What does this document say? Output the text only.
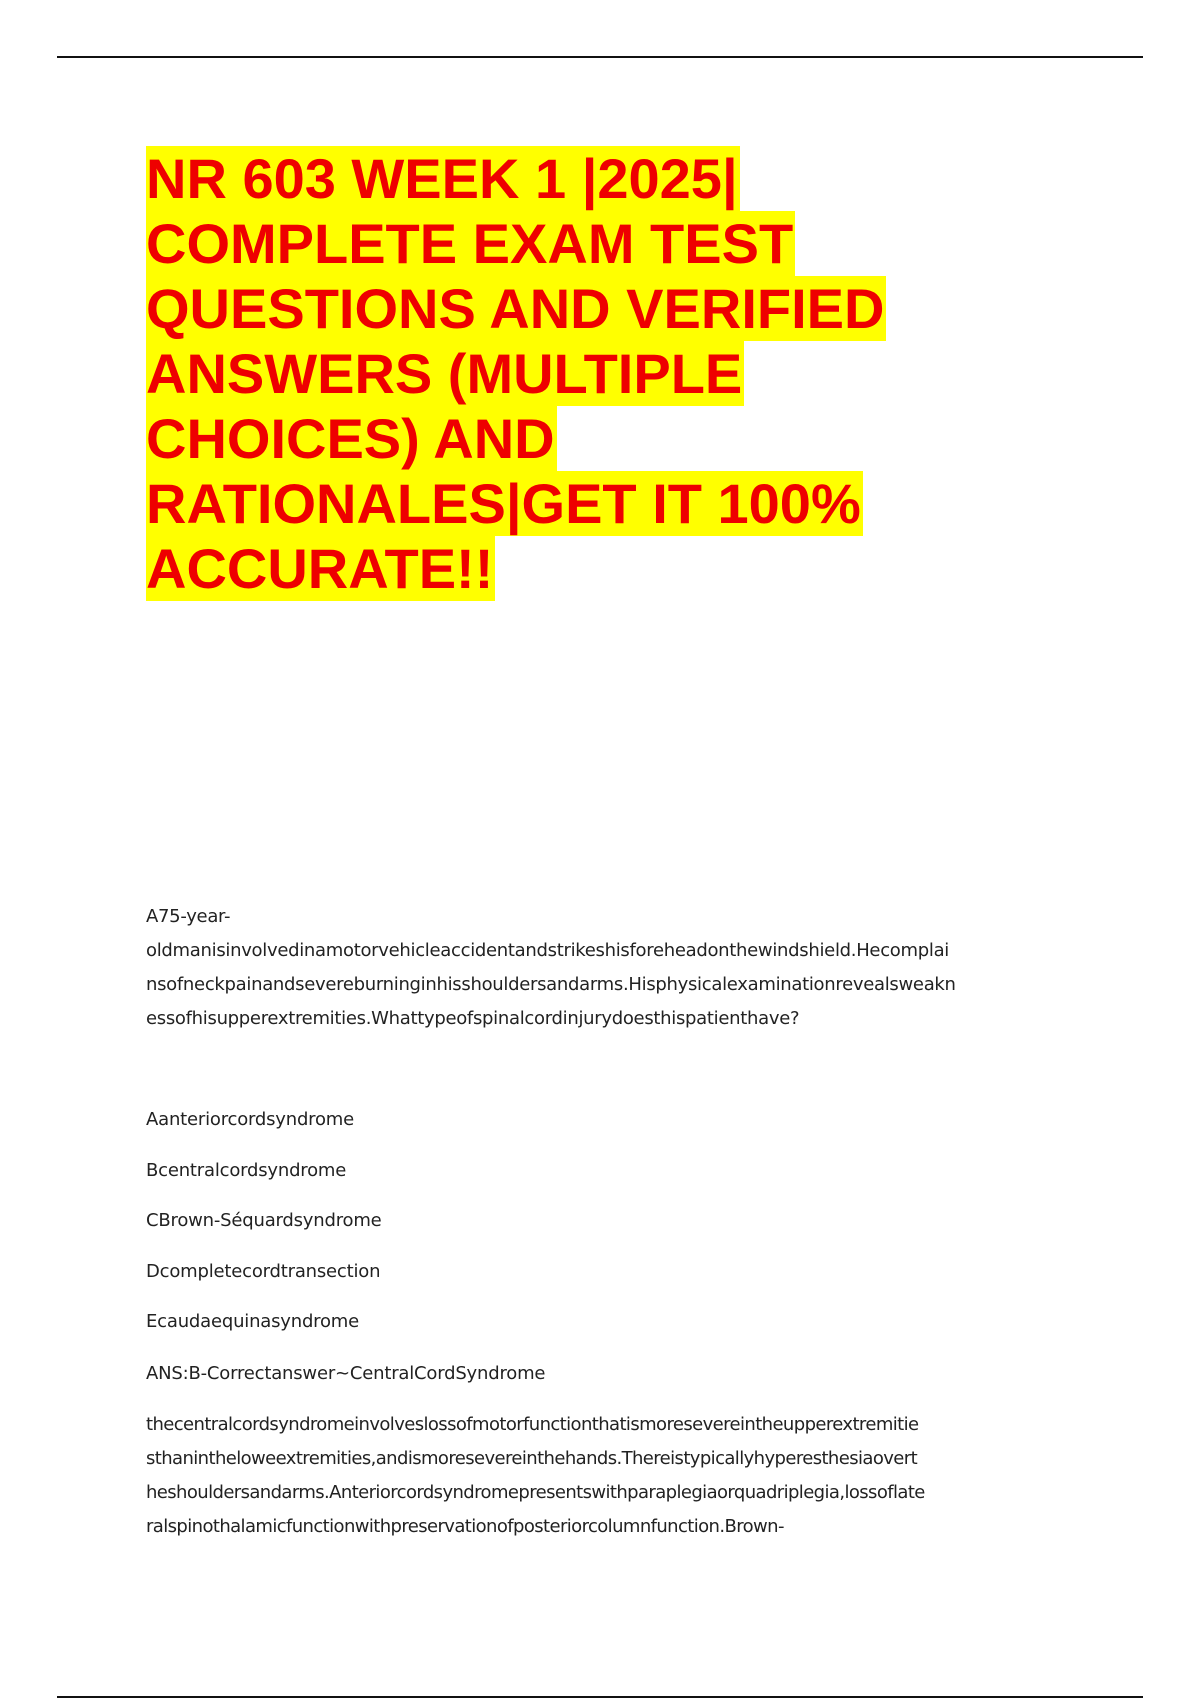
NR 603 WEEK 1 |2025|
COMPLETE EXAM TEST
QUESTIONS AND VERIFIED
ANSWERS (MULTIPLE
CHOICES) AND
RATIONALES|GET IT 100%
ACCURATE!!
A75-year-
oldmanisinvolvedinamotorvehicleaccidentandstrikeshisforeheadonthewindshield.Hecomplai
nsofneckpainandsevereburninginhisshouldersandarms.Hisphysicalexaminationrevealsweakn
essofhisupperextremities.Whattypeofspinalcordinjurydoesthispatienthave?
Aanteriorcordsyndrome
Bcentralcordsyndrome
CBrown-Séquardsyndrome
Dcompletecordtransection
Ecaudaequinasyndrome
ANS:B-Correctanswer~CentralCordSyndrome
thecentralcordsyndromeinvolveslossofmotorfunctionthatismoresevereintheupperextremitie
sthanintheloweextremities,andismoresevereinthehands.Thereistypicallyhyperesthesiaovert
heshouldersandarms.Anteriorcordsyndromepresentswithparaplegiaorquadriplegia,lossoflate
ralspinothalamicfunctionwithpreservationofposteriorcolumnfunction.Brown-
